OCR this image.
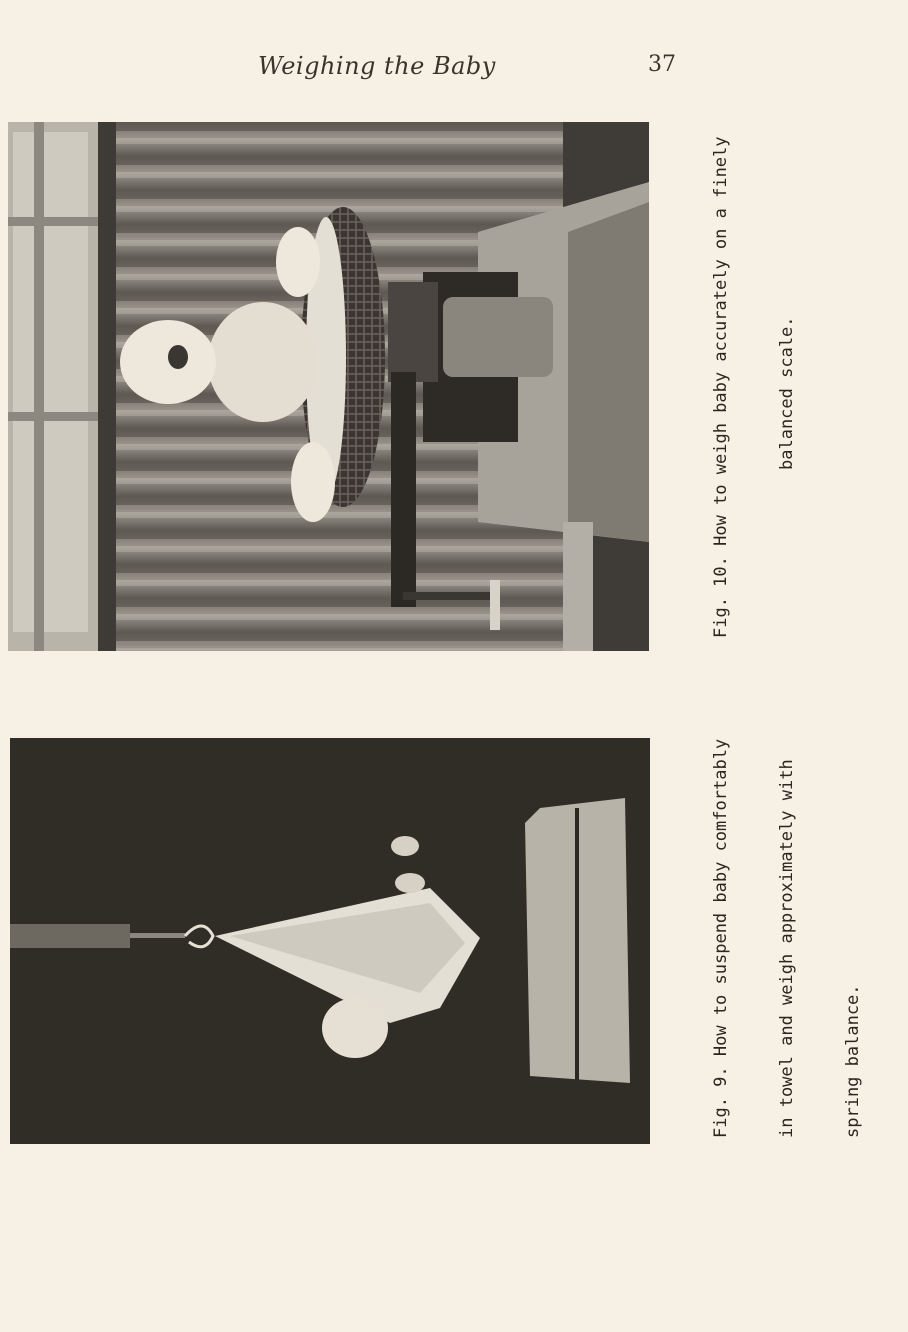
Weighing the Baby	37

Fig. 10. How to weigh baby accurately on a finely

	balanced scale.

Fig. 9. How to suspend baby comfortably

	in towel and weigh approximately with

	spring balance.
